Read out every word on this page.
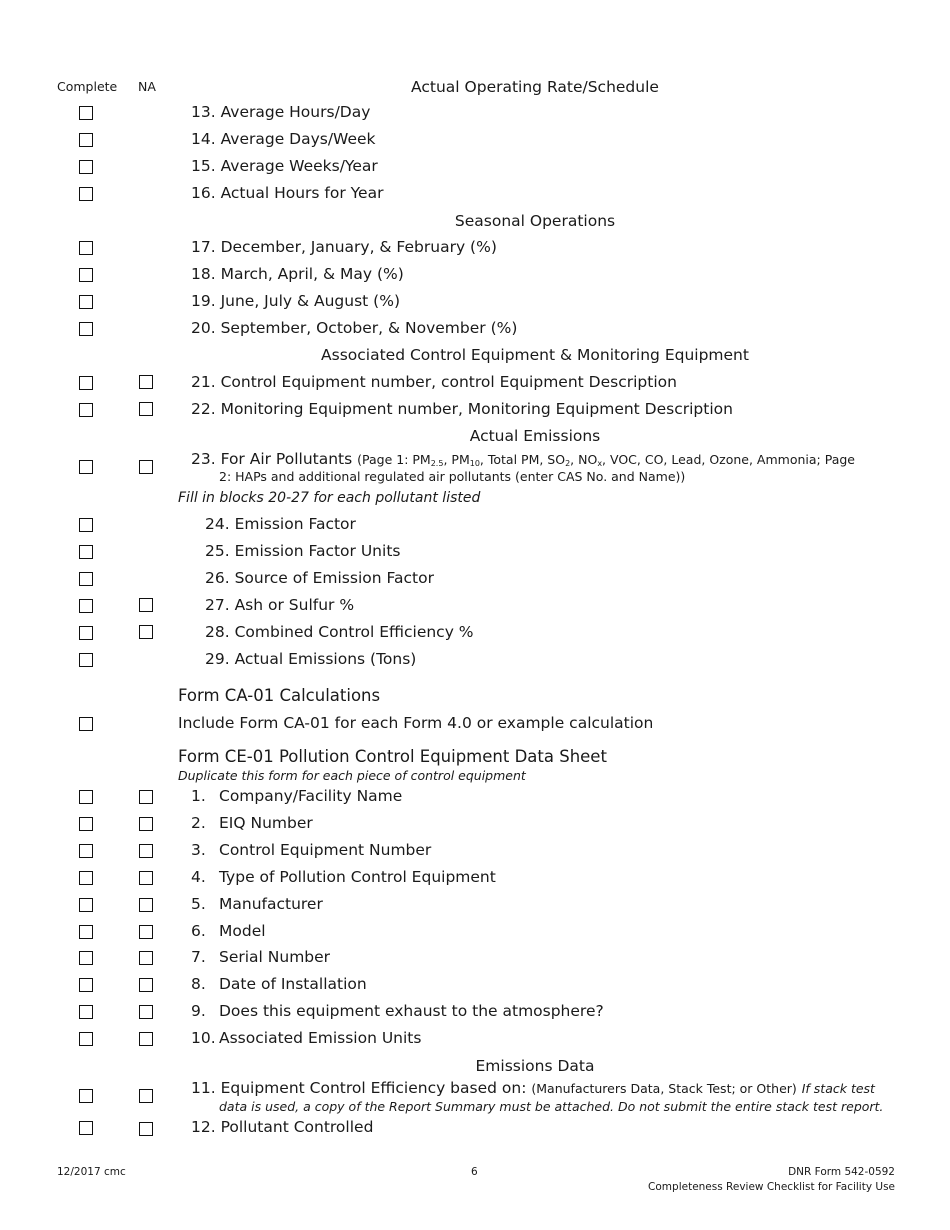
Complete NA	Actual Operating Rate/Schedule
13. Average Hours/Day
14. Average Days/Week
15. Average Weeks/Year
16. Actual Hours for Year
Seasonal Operations
17. December, January, & February (%)
18. March, April, & May (%)
19. June, July & August (%)
20. September, October, & November (%)
Associated Control Equipment & Monitoring Equipment
21. Control Equipment number, control Equipment Description
22. Monitoring Equipment number, Monitoring Equipment Description
Actual Emissions
23. For Air Pollutants (Page 1: $PM_{2.5}$, $PM_{10}$, Total PM, $SO_2$, $NO_x$, VOC, CO, Lead, Ozone, Ammonia; Page
2: HAPs and additional regulated air pollutants (enter CAS No. and Name))
Fill in blocks 20-27 for each pollutant listed
24. Emission Factor
25. Emission Factor Units
26. Source of Emission Factor
27. Ash or Sulfur %
28. Combined Control Efficiency %
29. Actual Emissions (Tons)
Form CA-01 Calculations
Include Form CA-01 for each Form 4.0 or example calculation
Form CE-01 Pollution Control Equipment Data Sheet
Duplicate this form for each piece of control equipment
1. Company/Facility Name
2. EIQ Number
3. Control Equipment Number
4. Type of Pollution Control Equipment
5. Manufacturer
6. Model
7. Serial Number
8. Date of Installation
9. Does this equipment exhaust to the atmosphere?
10. Associated Emission Units
Emissions Data
11. Equipment Control Efficiency based on: (Manufacturers Data, Stack Test; or Other) If stack test
data is used, a copy of the Report Summary must be attached. Do not submit the entire stack test report.
12. Pollutant Controlled
12/2017 cmc	6	DNR Form 542-0592
Completeness Review Checklist for Facility Use
